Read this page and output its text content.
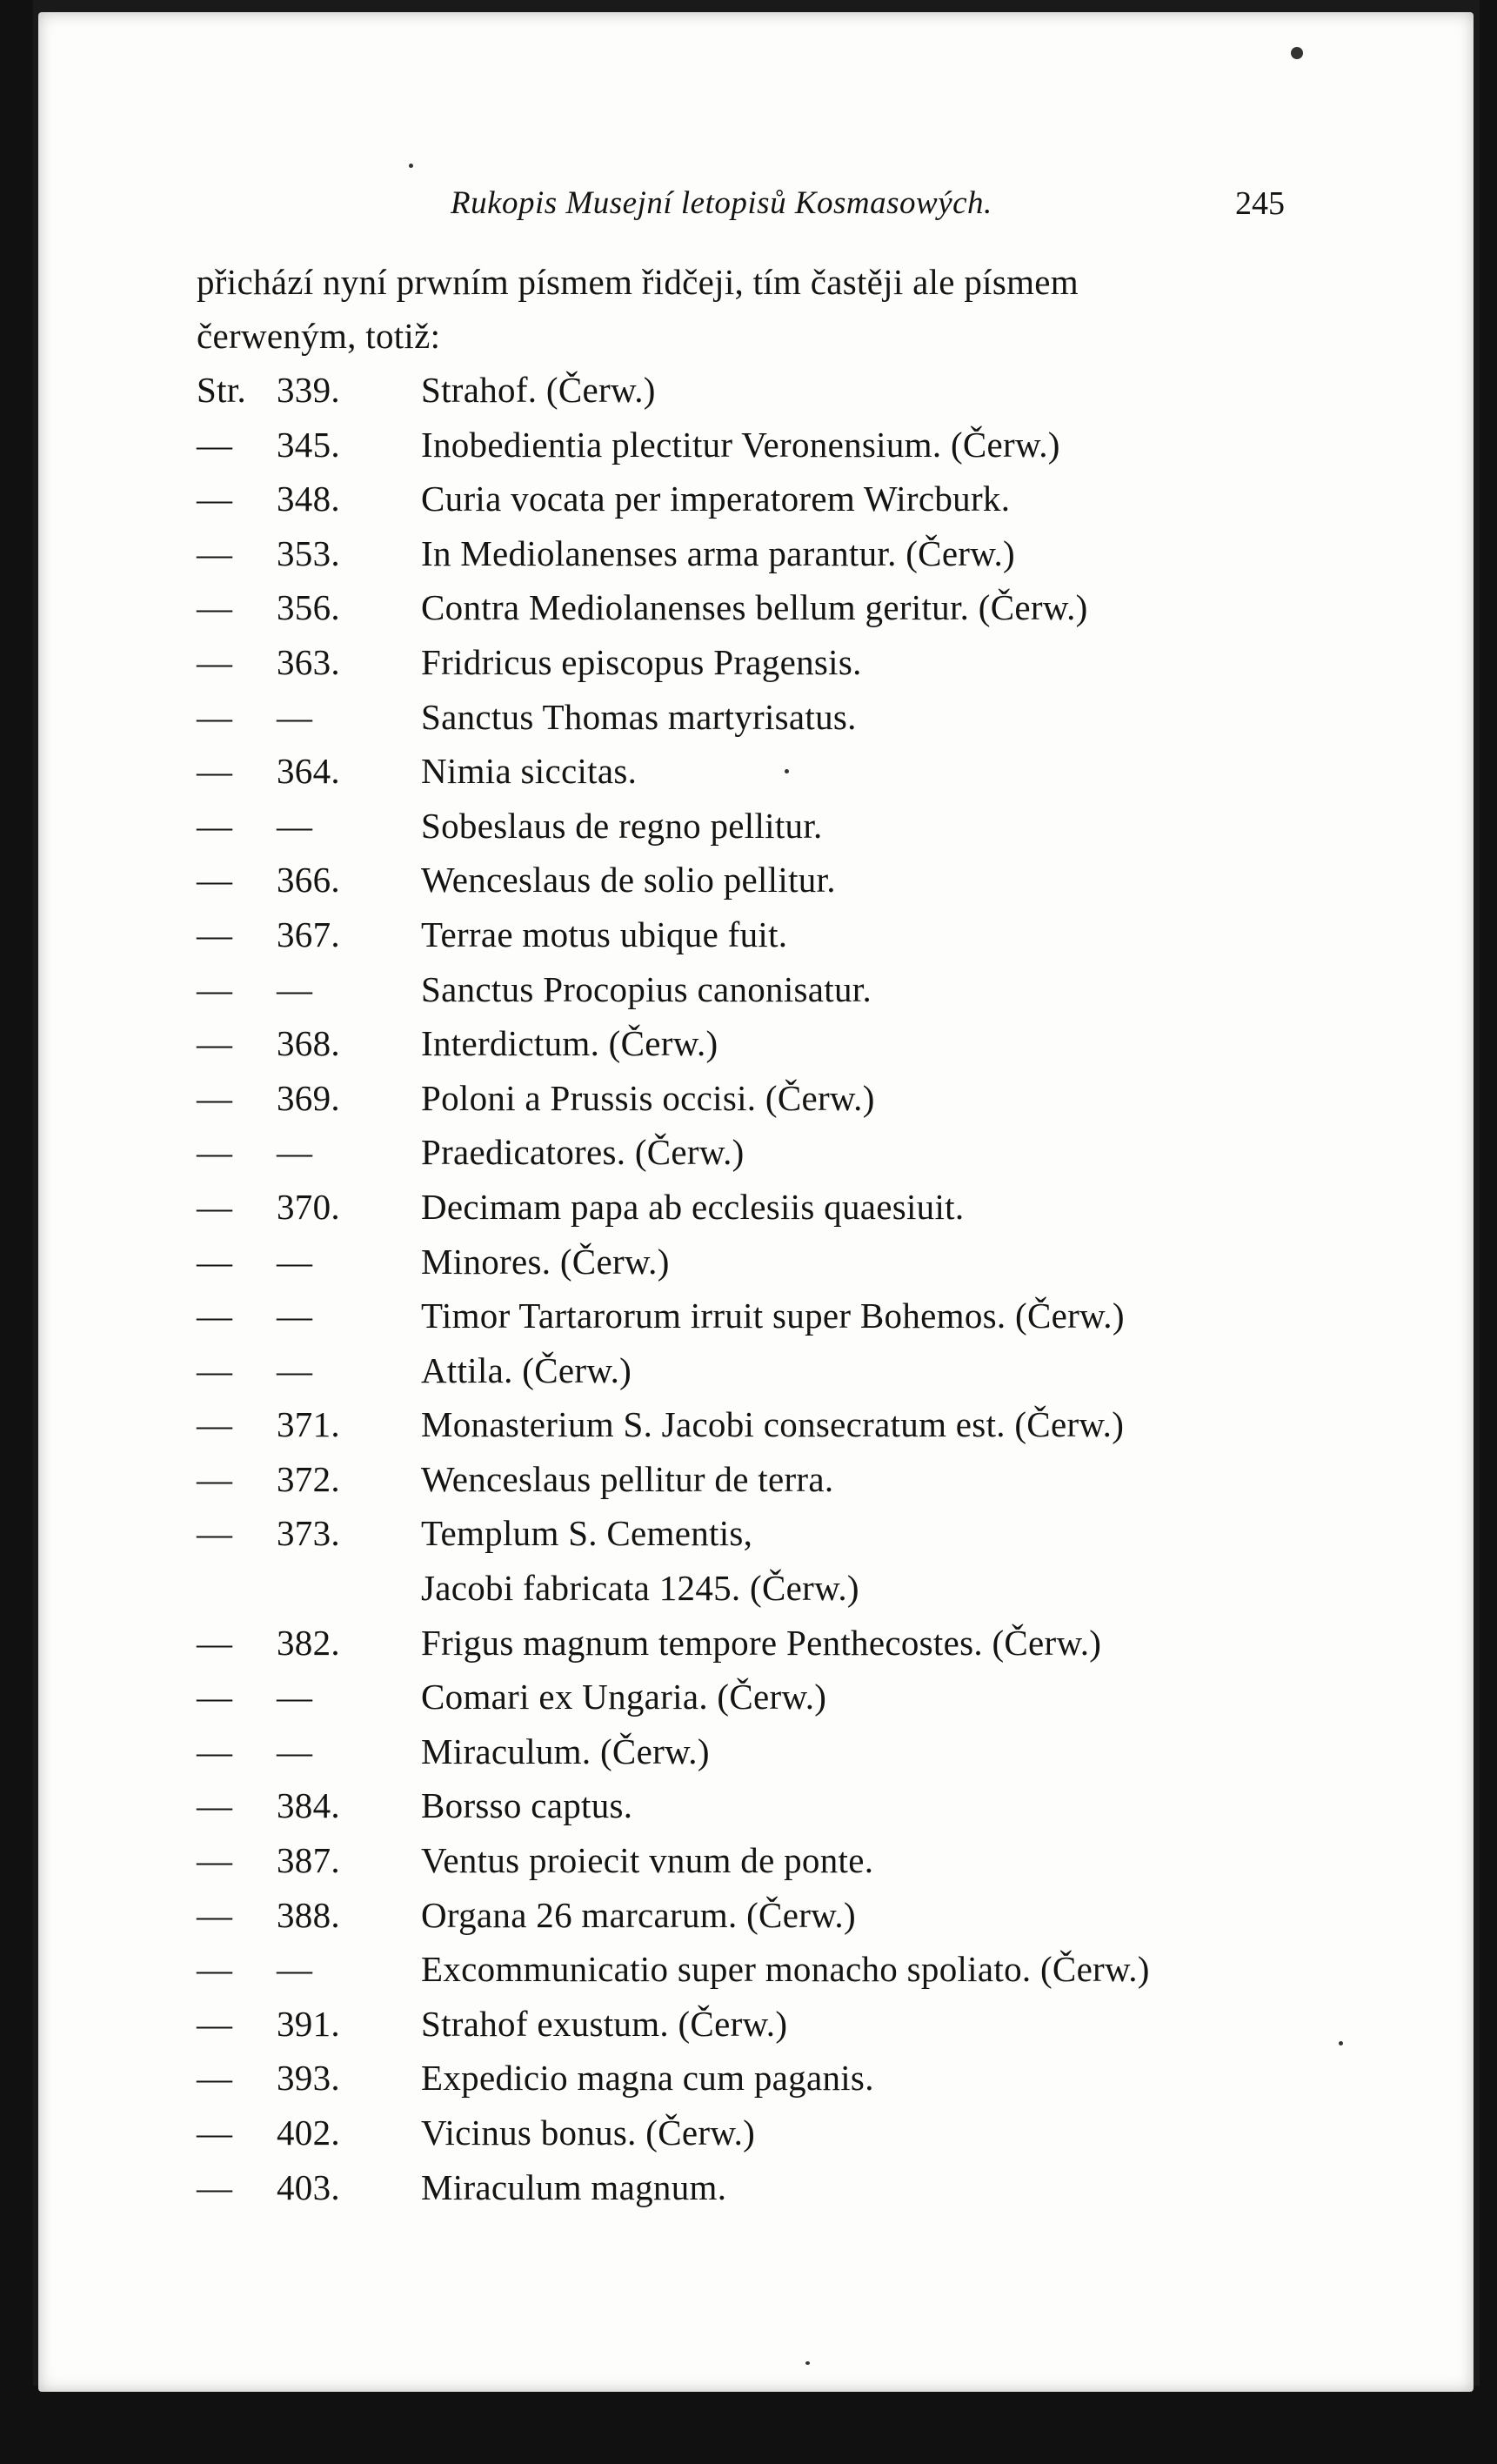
Rukopis Musejní letopisů Kosmasowých.	245

přichází nyní prwním písmem řidčeji, tím častěji ale písmem

čerweným, totiž:

Str. 339.	Strahof. (Čerw.)
—	345.	Inobedientia plectitur Veronensium. (Čerw.)
—	348.	Curia vocata per imperatorem Wircburk.
—	353.	In Mediolanenses arma parantur. (Čerw.)
—	356.	Contra Mediolanenses bellum geritur. (Čerw.)
—	363.	Fridricus episcopus Pragensis.
—	—	Sanctus Thomas martyrisatus.
—	364.	Nimia siccitas.
—	—	Sobeslaus de regno pellitur.
—	366.	Wenceslaus de solio pellitur.
—	367.	Terrae motus ubique fuit.
—	—	Sanctus Procopius canonisatur.
—	368.	Interdictum. (Čerw.)
—	369.	Poloni a Prussis occisi. (Čerw.)
—	—	Praedicatores. (Čerw.)
—	370.	Decimam papa ab ecclesiis quaesiuit.
—	—	Minores. (Čerw.)
—	—	Timor Tartarorum irruit super Bohemos. (Čerw.)
—	—	Attila. (Čerw.)
—	371.	Monasterium S. Jacobi consecratum est. (Čerw.)
—	372.	Wenceslaus pellitur de terra.
—	373.	Templum S. Cementis,
Jacobi fabricata 1245. (Čerw.)
—	382.	Frigus magnum tempore Penthecostes. (Čerw.)
—	—	Comari ex Ungaria. (Čerw.)
—	—	Miraculum. (Čerw.)
—	384.	Borsso captus.
—	387.	Ventus proiecit vnum de ponte.
—	388.	Organa 26 marcarum. (Čerw.)
—	—	Excommunicatio super monacho spoliato. (Čerw.)
—	391.	Strahof exustum. (Čerw.)
—	393.	Expedicio magna cum paganis.
—	402.	Vicinus bonus. (Čerw.)
—	403.	Miraculum magnum.
